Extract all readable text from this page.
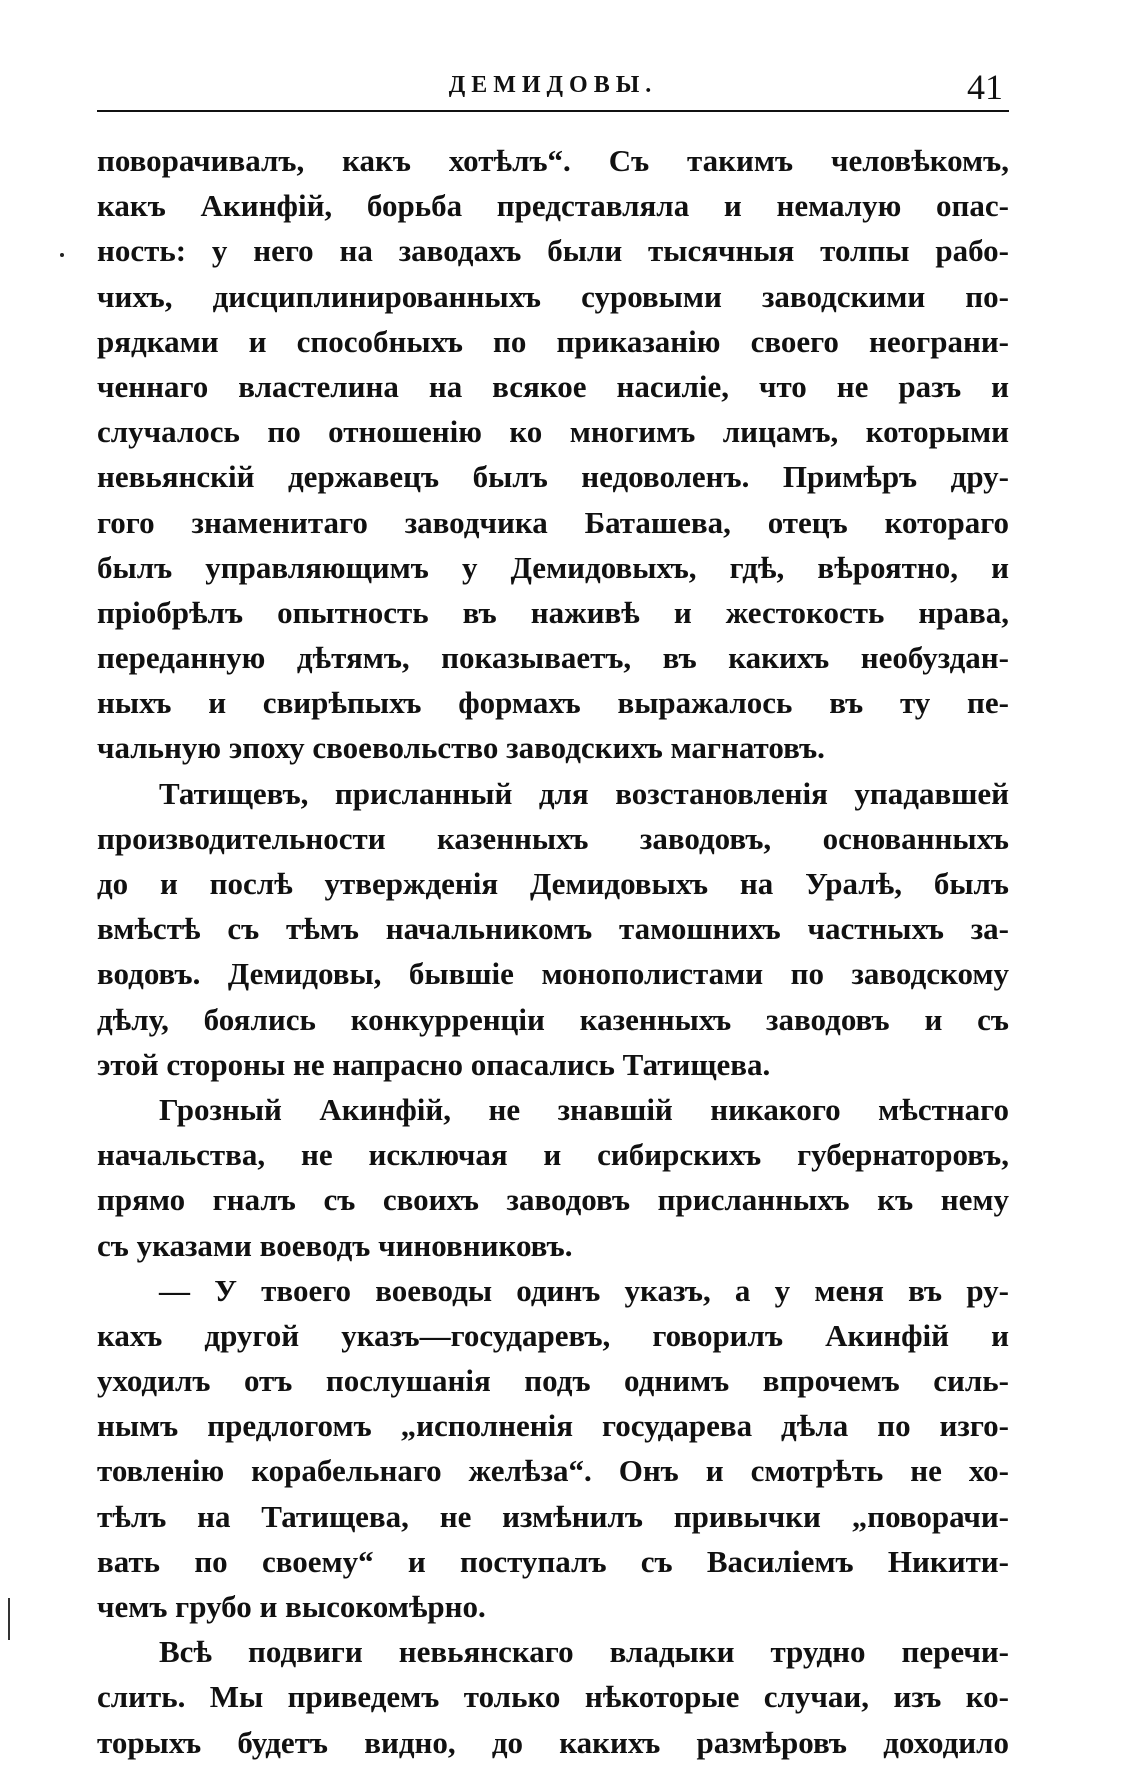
ДЕМИДОВЫ.	41
поворачивалъ, какъ хотѣлъ“. Съ такимъ человѣкомъ,
какъ Акинфій, борьба представляла и немалую опас-
ность: у него на заводахъ были тысячныя толпы рабо-
чихъ, дисциплинированныхъ суровыми заводскими по-
рядками и способныхъ по приказанію своего неограни-
ченнаго властелина на всякое насиліе, что не разъ и
случалось по отношенію ко многимъ лицамъ, которыми
невьянскій державецъ былъ недоволенъ. Примѣръ дру-
гого знаменитаго заводчика Баташева, отецъ котораго
былъ управляющимъ у Демидовыхъ, гдѣ, вѣроятно, и
пріобрѣлъ опытность въ наживѣ и жестокость нрава,
переданную дѣтямъ, показываетъ, въ какихъ необуздан-
ныхъ и свирѣпыхъ формахъ выражалось въ ту пе-
чальную эпоху своевольство заводскихъ магнатовъ.
Татищевъ, присланный для возстановленія упадавшей
производительности казенныхъ заводовъ, основанныхъ
до и послѣ утвержденія Демидовыхъ на Уралѣ, былъ
вмѣстѣ съ тѣмъ начальникомъ тамошнихъ частныхъ за-
водовъ. Демидовы, бывшіе монополистами по заводскому
дѣлу, боялись конкурренціи казенныхъ заводовъ и съ
этой стороны не напрасно опасались Татищева.
Грозный Акинфій, не знавшій никакого мѣстнаго
начальства, не исключая и сибирскихъ губернаторовъ,
прямо гналъ съ своихъ заводовъ присланныхъ къ нему
съ указами воеводъ чиновниковъ.
— У твоего воеводы одинъ указъ, а у меня въ ру-
кахъ другой указъ—государевъ, говорилъ Акинфій и
уходилъ отъ послушанія подъ однимъ впрочемъ силь-
нымъ предлогомъ „исполненія государева дѣла по изго-
товленію корабельнаго желѣза“. Онъ и смотрѣть не хо-
тѣлъ на Татищева, не измѣнилъ привычки „поворачи-
вать по своему“ и поступалъ съ Василіемъ Никити-
чемъ грубо и высокомѣрно.
Всѣ подвиги невьянскаго владыки трудно перечи-
слить. Мы приведемъ только нѣкоторые случаи, изъ ко-
торыхъ будетъ видно, до какихъ размѣровъ доходило
